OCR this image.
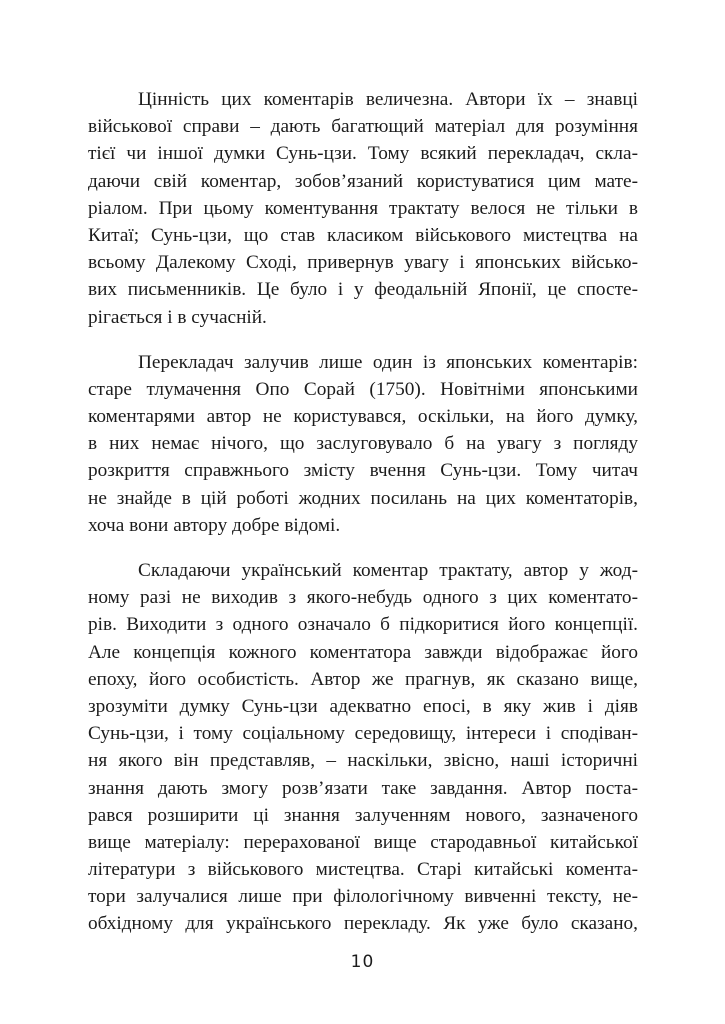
Цінність цих коментарів величезна. Автори їх – знавці
військової справи – дають багатющий матеріал для розуміння
тієї чи іншої думки Сунь-цзи. Тому всякий перекладач, скла-
даючи свій коментар, зобов’язаний користуватися цим мате-
ріалом. При цьому коментування трактату велося не тільки в
Китаї; Сунь-цзи, що став класиком військового мистецтва на
всьому Далекому Сході, привернув увагу і японських військо-
вих письменників. Це було і у феодальній Японії, це спосте-
рігається і в сучасній.

Перекладач залучив лише один із японських коментарів:
старе тлумачення Опо Сорай (1750). Новітніми японськими
коментарями автор не користувався, оскільки, на його думку,
в них немає нічого, що заслуговувало б на увагу з погляду
розкриття справжнього змісту вчення Сунь-цзи. Тому читач
не знайде в цій роботі жодних посилань на цих коментаторів,
хоча вони автору добре відомі.

Складаючи український коментар трактату, автор у жод-
ному разі не виходив з якого-небудь одного з цих коментато-
рів. Виходити з одного означало б підкоритися його концепції.
Але концепція кожного коментатора завжди відображає його
епоху, його особистість. Автор же прагнув, як сказано вище,
зрозуміти думку Сунь-цзи адекватно епосі, в яку жив і діяв
Сунь-цзи, і тому соціальному середовищу, інтереси і сподіван-
ня якого він представляв, – наскільки, звісно, наші історичні
знання дають змогу розв’язати таке завдання. Автор поста-
рався розширити ці знання залученням нового, зазначеного
вище матеріалу: перерахованої вище стародавньої китайської
літератури з військового мистецтва. Старі китайські комента-
тори залучалися лише при філологічному вивченні тексту, не-
обхідному для українського перекладу. Як уже було сказано,

10
